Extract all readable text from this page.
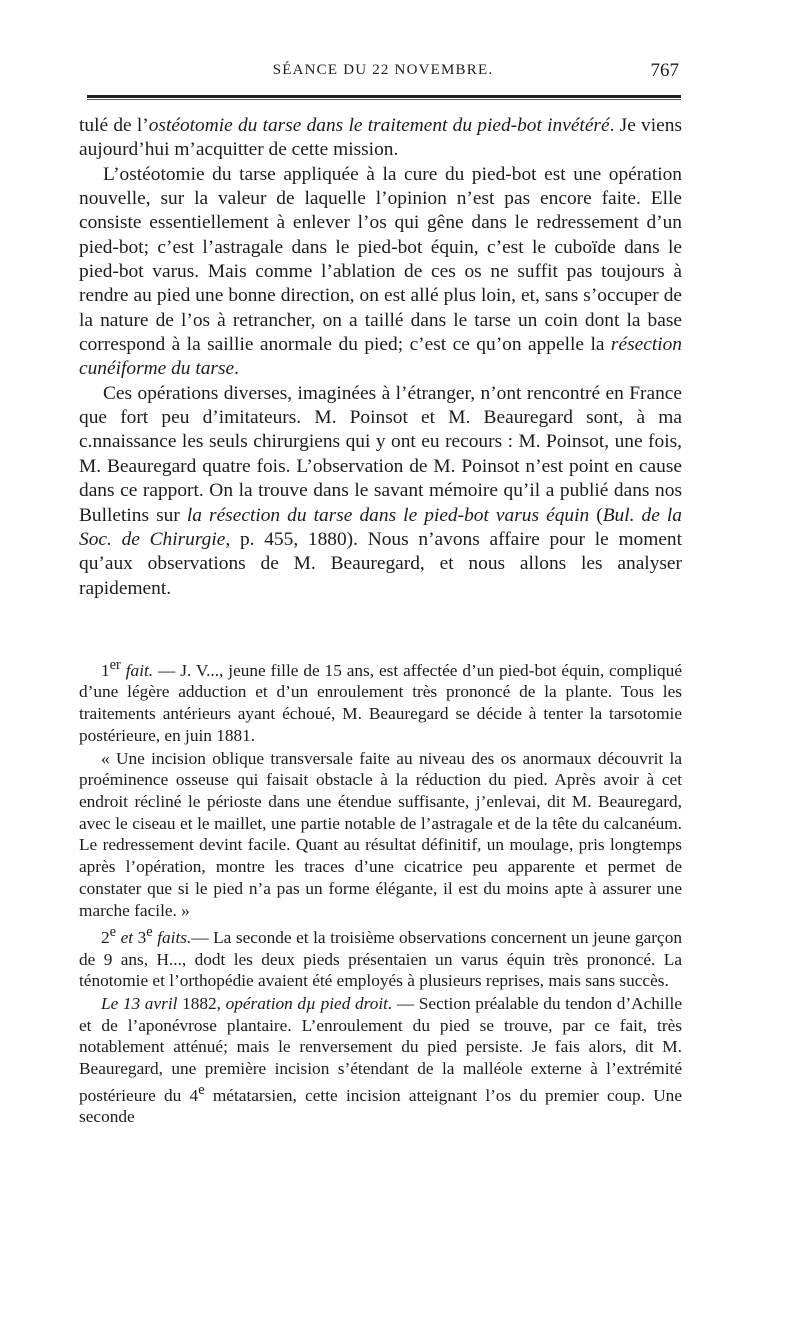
SÉANCE DU 22 NOVEMBRE.	767

tulé de l’ostéotomie du tarse dans le traitement du pied-bot invétéré. Je viens aujourd’hui m’acquitter de cette mission.

L’ostéotomie du tarse appliquée à la cure du pied-bot est une opération nouvelle, sur la valeur de laquelle l’opinion n’est pas encore faite. Elle consiste essentiellement à enlever l’os qui gêne dans le redressement d’un pied-bot; c’est l’astragale dans le pied-bot équin, c’est le cuboïde dans le pied-bot varus. Mais comme l’ablation de ces os ne suffit pas toujours à rendre au pied une bonne direction, on est allé plus loin, et, sans s’occuper de la nature de l’os à retrancher, on a taillé dans le tarse un coin dont la base correspond à la saillie anormale du pied; c’est ce qu’on appelle la résection cunéiforme du tarse.

Ces opérations diverses, imaginées à l’étranger, n’ont rencontré en France que fort peu d’imitateurs. M. Poinsot et M. Beauregard sont, à ma c.nnaissance les seuls chirurgiens qui y ont eu recours : M. Poinsot, une fois, M. Beauregard quatre fois. L’observation de M. Poinsot n’est point en cause dans ce rapport. On la trouve dans le savant mémoire qu’il a publié dans nos Bulletins sur la résection du tarse dans le pied-bot varus équin (Bul. de la Soc. de Chirurgie, p. 455, 1880). Nous n’avons affaire pour le moment qu’aux observations de M. Beauregard, et nous allons les analyser rapidement.

1er fait. — J. V..., jeune fille de 15 ans, est affectée d’un pied-bot équin, compliqué d’une légère adduction et d’un enroulement très prononcé de la plante. Tous les traitements antérieurs ayant échoué, M. Beauregard se décide à tenter la tarsotomie postérieure, en juin 1881.

« Une incision oblique transversale faite au niveau des os anormaux découvrit la proéminence osseuse qui faisait obstacle à la réduction du pied. Après avoir à cet endroit récliné le périoste dans une étendue suffisante, j’enlevai, dit M. Beauregard, avec le ciseau et le maillet, une partie notable de l’astragale et de la tête du calcanéum. Le redressement devint facile. Quant au résultat définitif, un moulage, pris longtemps après l’opération, montre les traces d’une cicatrice peu apparente et permet de constater que si le pied n’a pas un forme élégante, il est du moins apte à assurer une marche facile. »

2e et 3e faits.— La seconde et la troisième observations concernent un jeune garçon de 9 ans, H..., dodt les deux pieds présentaien un varus équin très prononcé. La ténotomie et l’orthopédie avaient été employés à plusieurs reprises, mais sans succès.

Le 13 avril 1882, opération dµ pied droit. — Section préalable du tendon d’Achille et de l’aponévrose plantaire. L’enroulement du pied se trouve, par ce fait, très notablement atténué; mais le renversement du pied persiste. Je fais alors, dit M. Beauregard, une première incision s’étendant de la malléole externe à l’extrémité postérieure du 4e métatarsien, cette incision atteignant l’os du premier coup. Une seconde
